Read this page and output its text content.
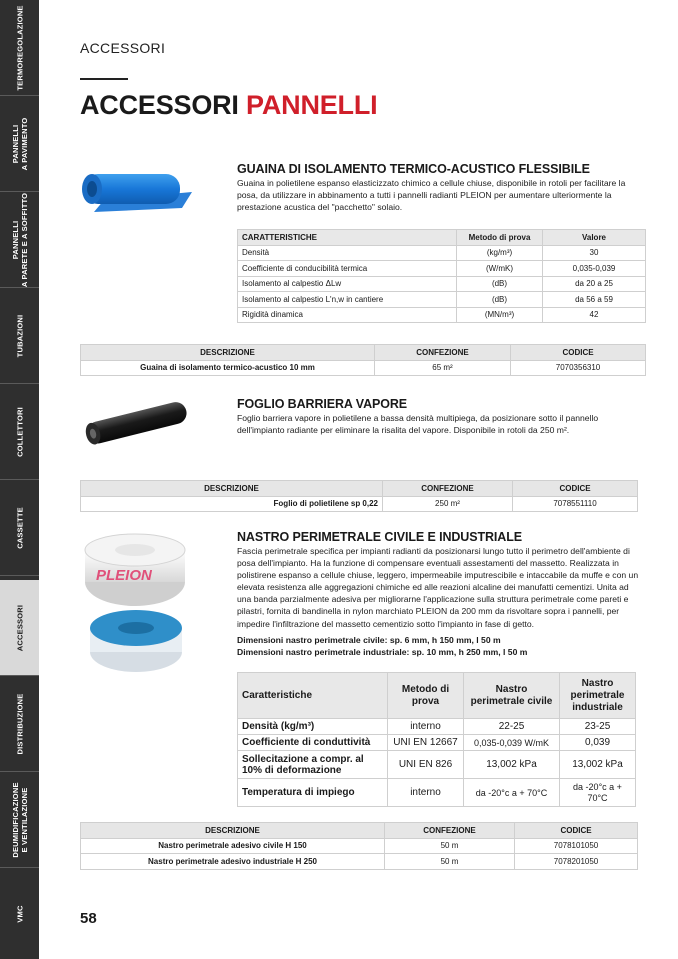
TERMOREGOLAZIONE
PANNELLI
A PAVIMENTO
PANNELLI
A PARETE E A SOFFITTO
TUBAZIONI
COLLETTORI
CASSETTE
ACCESSORI
DISTRIBUZIONE
DEUMIDIFICAZIONE
E VENTILAZIONE
VMC
ACCESSORI
ACCESSORI PANNELLI
GUAINA DI ISOLAMENTO TERMICO-ACUSTICO FLESSIBILE
Guaina in polietilene espanso elasticizzato chimico a cellule chiuse, disponibile in rotoli per facilitare la posa, da utilizzare in abbinamento a tutti i pannelli radianti PLEION per aumentare ulteriormente la prestazione acustica del "pacchetto" solaio.
CARATTERISTICHE	Metodo di prova	Valore
Densità	(kg/m³)	30
Coefficiente di conducibilità termica	(W/mK)	0,035-0,039
Isolamento al calpestio ΔLw	(dB)	da 20 a 25
Isolamento al calpestio L'n,w in cantiere	(dB)	da 56 a 59
Rigidità dinamica	(MN/m³)	42
DESCRIZIONE	CONFEZIONE	CODICE
Guaina di isolamento termico-acustico 10 mm	65 m²	7070356310
FOGLIO BARRIERA VAPORE
Foglio barriera vapore in polietilene a bassa densità multipiega, da posizionare sotto il pannello dell'impianto radiante per eliminare la risalita del vapore. Disponibile in rotoli da 250 m².
DESCRIZIONE	CONFEZIONE	CODICE
Foglio di polietilene sp 0,22	250 m²	7078551110
PLEION
NASTRO PERIMETRALE CIVILE E INDUSTRIALE
Fascia perimetrale specifica per impianti radianti da posizionarsi lungo tutto il perimetro dell'ambiente di posa dell'impianto. Ha la funzione di compensare eventuali assestamenti del massetto. Realizzata in polistirene espanso a cellule chiuse, leggero, impermeabile imputrescibile e intaccabile da muffe e con un elevata resistenza alle aggregazioni chimiche ed alle reazioni alcaline dei manufatti cementizi. Unita ad una banda parzialmente adesiva per migliorarne l'applicazione sulla struttura perimetrale come pareti e pilastri, fornita di bandinella in nylon marchiato PLEION da 200 mm da risvoltare sopra i pannelli, per impedire l'infiltrazione del massetto cementizio sotto l'impianto in fase di getto.
Dimensioni nastro perimetrale civile: sp. 6 mm, h 150 mm, l 50 m
Dimensioni nastro perimetrale industriale: sp. 10 mm, h 250 mm, l 50 m
Caratteristiche	Metodo di prova	Nastro perimetrale civile	Nastro perimetrale industriale
Densità (kg/m³)	interno	22-25	23-25
Coefficiente di conduttività	UNI EN 12667	0,035-0,039 W/mK	0,039
Sollecitazione a compr. al 10% di deformazione	UNI EN 826	13,002 kPa	13,002 kPa
Temperatura di impiego	interno	da -20°c a + 70°C	da -20°c a + 70°C
DESCRIZIONE	CONFEZIONE	CODICE
Nastro perimetrale adesivo civile H 150	50 m	7078101050
Nastro perimetrale adesivo industriale H 250	50 m	7078201050
58
